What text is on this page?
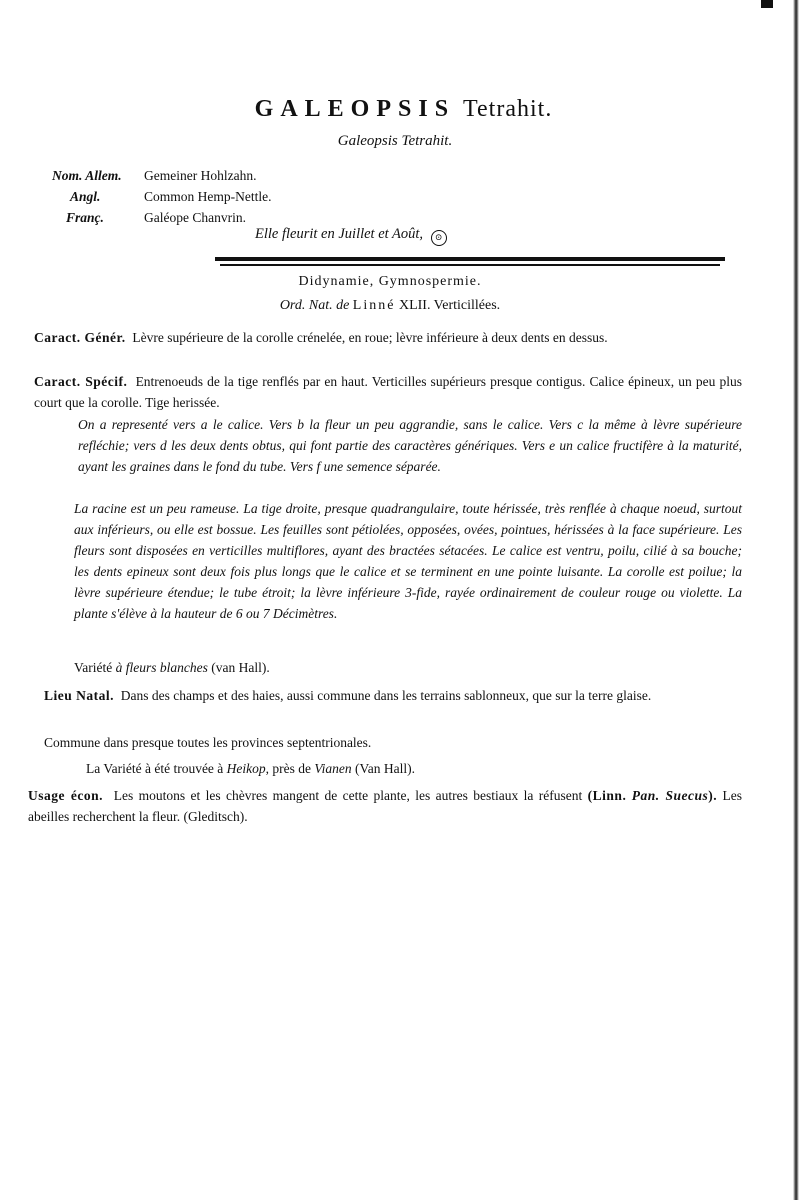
GALEOPSIS Tetrahit.
Galeopsis Tetrahit.
Nom. Allem.	Gemeiner Hohlzahn.
Angl.	Common Hemp-Nettle.
Franç.	Galéope Chanvrin.
Elle fleurit en Juillet et Août, ⊙
Didynamie, Gymnospermie.
Ord. Nat. de Linné XLII. Verticillées.
Caract. Génér. Lèvre supérieure de la corolle crénelée, en roue; lèvre inférieure à deux dents en dessus.
Caract. Spécif. Entrenoeuds de la tige renflés par en haut. Verticilles supérieurs presque contigus. Calice épineux, un peu plus court que la corolle. Tige herissée.
On a representé vers a le calice. Vers b la fleur un peu aggrandie, sans le calice. Vers c la même à lèvre supérieure refléchie; vers d les deux dents obtus, qui font partie des caractères génériques. Vers e un calice fructifère à la maturité, ayant les graines dans le fond du tube. Vers f une semence séparée.
La racine est un peu rameuse. La tige droite, presque quadrangulaire, toute hérissée, très renflée à chaque noeud, surtout aux inférieurs, ou elle est bossue. Les feuilles sont pétiolées, opposées, ovées, pointues, hérissées à la face supérieure. Les fleurs sont disposées en verticilles multiflores, ayant des bractées sétacées. Le calice est ventru, poilu, cilié à sa bouche; les dents epineux sont deux fois plus longs que le calice et se terminent en une pointe luisante. La corolle est poilue; la lèvre supérieure étendue; le tube étroit; la lèvre inférieure 3-fide, rayée ordinairement de couleur rouge ou violette. La plante s'élève à la hauteur de 6 ou 7 Décimètres.
Variété à fleurs blanches (van Hall).
Lieu Natal. Dans des champs et des haies, aussi commune dans les terrains sablonneux, que sur la terre glaise.
Commune dans presque toutes les provinces septentrionales.
La Variété à été trouvée à Heikop, près de Vianen (Van Hall).
Usage écon. Les moutons et les chèvres mangent de cette plante, les autres bestiaux la réfusent (Linn. Pan. Suecus). Les abeilles recherchent la fleur. (Gleditsch).
